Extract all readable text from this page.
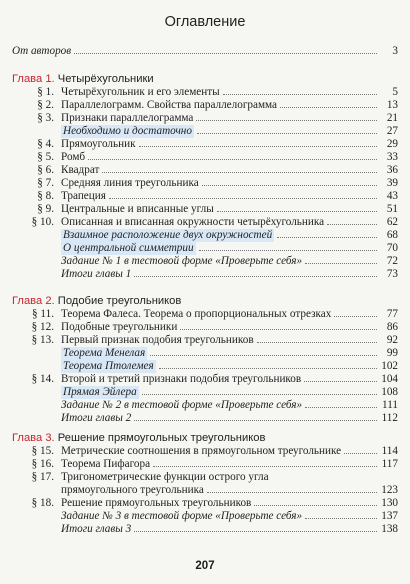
Оглавление
От авторов	3
Глава 1. Четырёхугольники
§ 1. Четырёхугольник и его элементы	5
§ 2. Параллелограмм. Свойства параллелограмма	13
§ 3. Признаки параллелограмма	21
Необходимо и достаточно	27
§ 4. Прямоугольник	29
§ 5. Ромб	33
§ 6. Квадрат	36
§ 7. Средняя линия треугольника	39
§ 8. Трапеция	43
§ 9. Центральные и вписанные углы	51
§ 10. Описанная и вписанная окружности четырёхугольника	62
Взаимное расположение двух окружностей	68
О центральной симметрии	70
Задание № 1 в тестовой форме «Проверьте себя»	72
Итоги главы 1	73
Глава 2. Подобие треугольников
§ 11. Теорема Фалеса. Теорема о пропорциональных отрезках	77
§ 12. Подобные треугольники	86
§ 13. Первый признак подобия треугольников	92
Теорема Менелая	99
Теорема Птолемея	102
§ 14. Второй и третий признаки подобия треугольников	104
Прямая Эйлера	108
Задание № 2 в тестовой форме «Проверьте себя»	111
Итоги главы 2	112
Глава 3. Решение прямоугольных треугольников
§ 15. Метрические соотношения в прямоугольном треугольнике	114
§ 16. Теорема Пифагора	117
§ 17. Тригонометрические функции острого угла
прямоугольного треугольника	123
§ 18. Решение прямоугольных треугольников	130
Задание № 3 в тестовой форме «Проверьте себя»	137
Итоги главы 3	138
207
